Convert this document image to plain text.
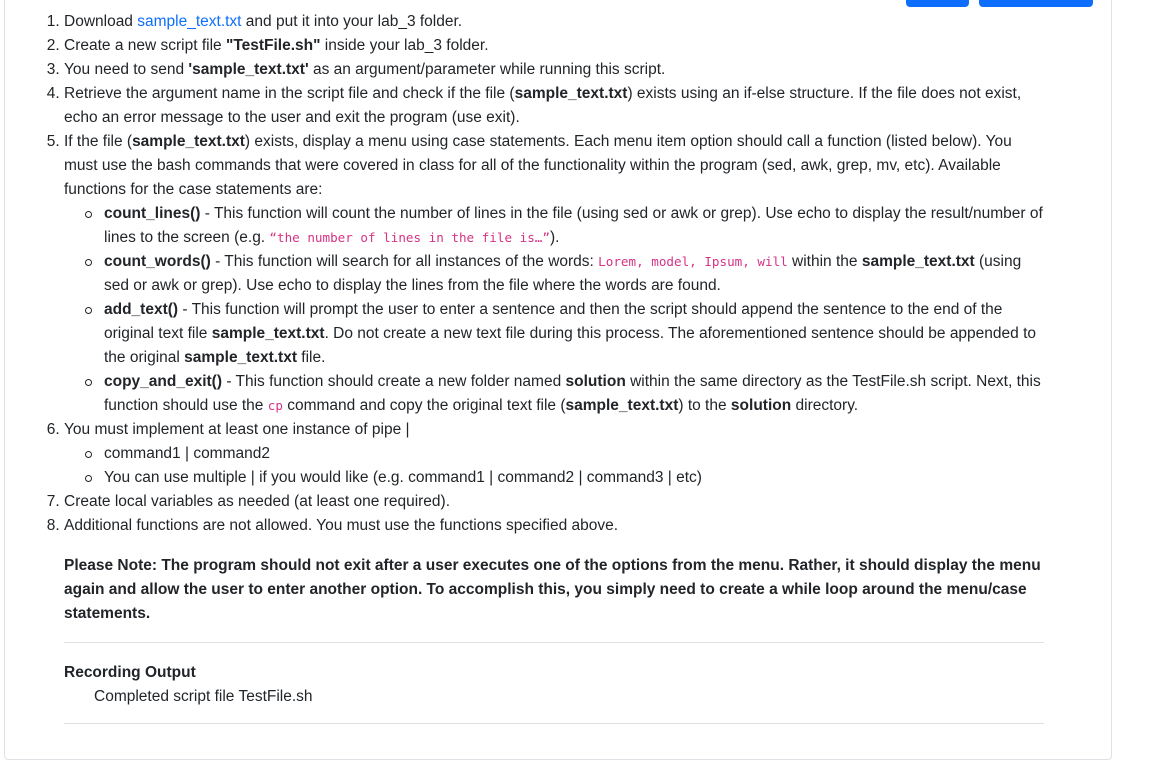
1. Download sample_text.txt and put it into your lab_3 folder.
2. Create a new script file "TestFile.sh" inside your lab_3 folder.
3. You need to send 'sample_text.txt' as an argument/parameter while running this script.
4. Retrieve the argument name in the script file and check if the file (sample_text.txt) exists using an if-else structure. If the file does not exist, echo an error message to the user and exit the program (use exit).
5. If the file (sample_text.txt) exists, display a menu using case statements. Each menu item option should call a function (listed below). You must use the bash commands that were covered in class for all of the functionality within the program (sed, awk, grep, mv, etc). Available functions for the case statements are:
count_lines() - This function will count the number of lines in the file (using sed or awk or grep). Use echo to display the result/number of lines to the screen (e.g. “the number of lines in the file is…”).
count_words() - This function will search for all instances of the words: Lorem, model, Ipsum, will within the sample_text.txt (using sed or awk or grep). Use echo to display the lines from the file where the words are found.
add_text() - This function will prompt the user to enter a sentence and then the script should append the sentence to the end of the original text file sample_text.txt. Do not create a new text file during this process. The aforementioned sentence should be appended to the original sample_text.txt file.
copy_and_exit() - This function should create a new folder named solution within the same directory as the TestFile.sh script. Next, this function should use the cp command and copy the original text file (sample_text.txt) to the solution directory.
6. You must implement at least one instance of pipe |
command1 | command2
You can use multiple | if you would like (e.g. command1 | command2 | command3 | etc)
7. Create local variables as needed (at least one required).
8. Additional functions are not allowed. You must use the functions specified above.
Please Note: The program should not exit after a user executes one of the options from the menu. Rather, it should display the menu again and allow the user to enter another option. To accomplish this, you simply need to create a while loop around the menu/case statements.
Recording Output
Completed script file TestFile.sh
